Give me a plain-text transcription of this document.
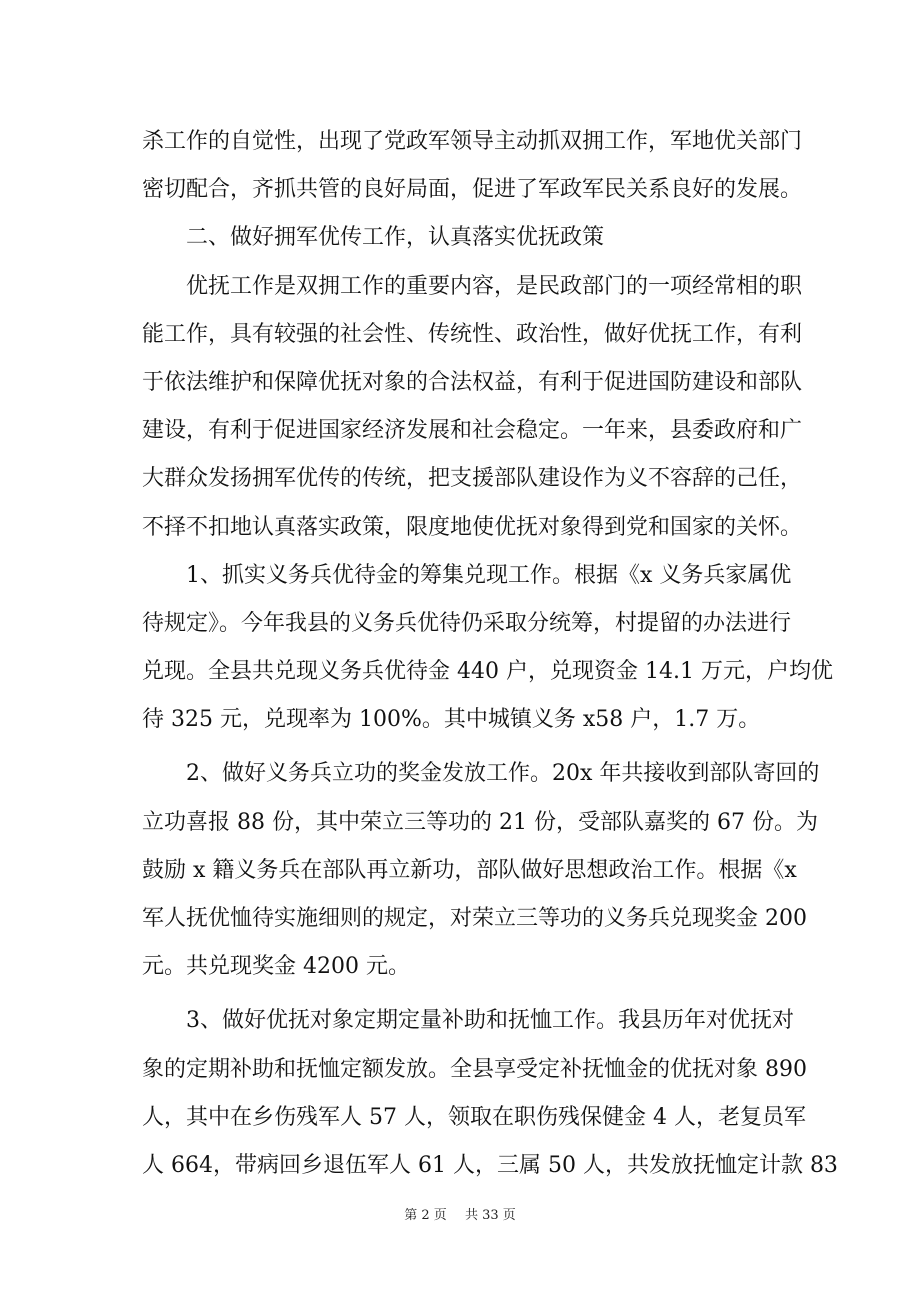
杀工作的自觉性，出现了党政军领导主动抓双拥工作，军地优关部门
密切配合，齐抓共管的良好局面，促进了军政军民关系良好的发展。
二、做好拥军优传工作，认真落实优抚政策
优抚工作是双拥工作的重要内容，是民政部门的一项经常相的职
能工作，具有较强的社会性、传统性、政治性，做好优抚工作，有利
于依法维护和保障优抚对象的合法权益，有利于促进国防建设和部队
建设，有利于促进国家经济发展和社会稳定。一年来，县委政府和广
大群众发扬拥军优传的传统，把支援部队建设作为义不容辞的己任，
不择不扣地认真落实政策，限度地使优抚对象得到党和国家的关怀。
1、抓实义务兵优待金的筹集兑现工作。根据《x 义务兵家属优
待规定》。今年我县的义务兵优待仍采取分统筹，村提留的办法进行
兑现。全县共兑现义务兵优待金 440 户，兑现资金 14.1 万元，户均优
待 325 元，兑现率为 100%。其中城镇义务 x58 户，1.7 万。
2、做好义务兵立功的奖金发放工作。20x 年共接收到部队寄回的
立功喜报 88 份，其中荣立三等功的 21 份，受部队嘉奖的 67 份。为
鼓励 x 籍义务兵在部队再立新功，部队做好思想政治工作。根据《x
军人抚优恤待实施细则的规定，对荣立三等功的义务兵兑现奖金 200
元。共兑现奖金 4200 元。
3、做好优抚对象定期定量补助和抚恤工作。我县历年对优抚对
象的定期补助和抚恤定额发放。全县享受定补抚恤金的优抚对象 890
人，其中在乡伤残军人 57 人，领取在职伤残保健金 4 人，老复员军
人 664，带病回乡退伍军人 61 人，三属 50 人，共发放抚恤定计款 83
第 2 页 共 33 页
